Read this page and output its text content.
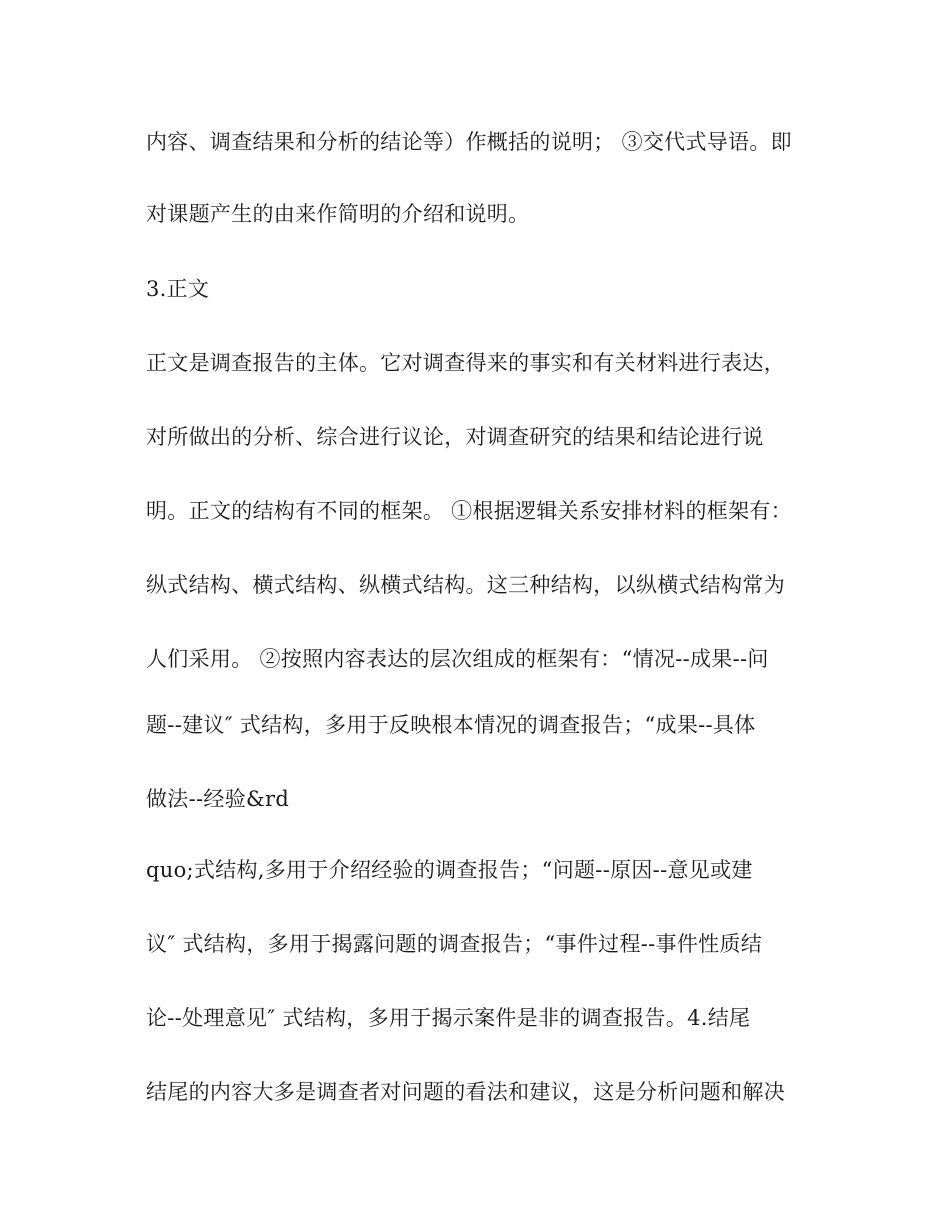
内容、调查结果和分析的结论等）作概括的说明； ③交代式导语。即
对课题产生的由来作简明的介绍和说明。
3.正文
正文是调查报告的主体。它对调查得来的事实和有关材料进行表达，
对所做出的分析、综合进行议论，对调查研究的结果和结论进行说
明。正文的结构有不同的框架。 ①根据逻辑关系安排材料的框架有：
纵式结构、横式结构、纵横式结构。这三种结构，以纵横式结构常为
人们采用。 ②按照内容表达的层次组成的框架有：“情况--成果--问
题--建议″ 式结构，多用于反映根本情况的调查报告；“成果--具体
做法--经验&rd
quo;式结构,多用于介绍经验的调查报告；“问题--原因--意见或建
议″ 式结构，多用于揭露问题的调查报告；“事件过程--事件性质结
论--处理意见″ 式结构，多用于揭示案件是非的调查报告。4.结尾
结尾的内容大多是调查者对问题的看法和建议，这是分析问题和解决
